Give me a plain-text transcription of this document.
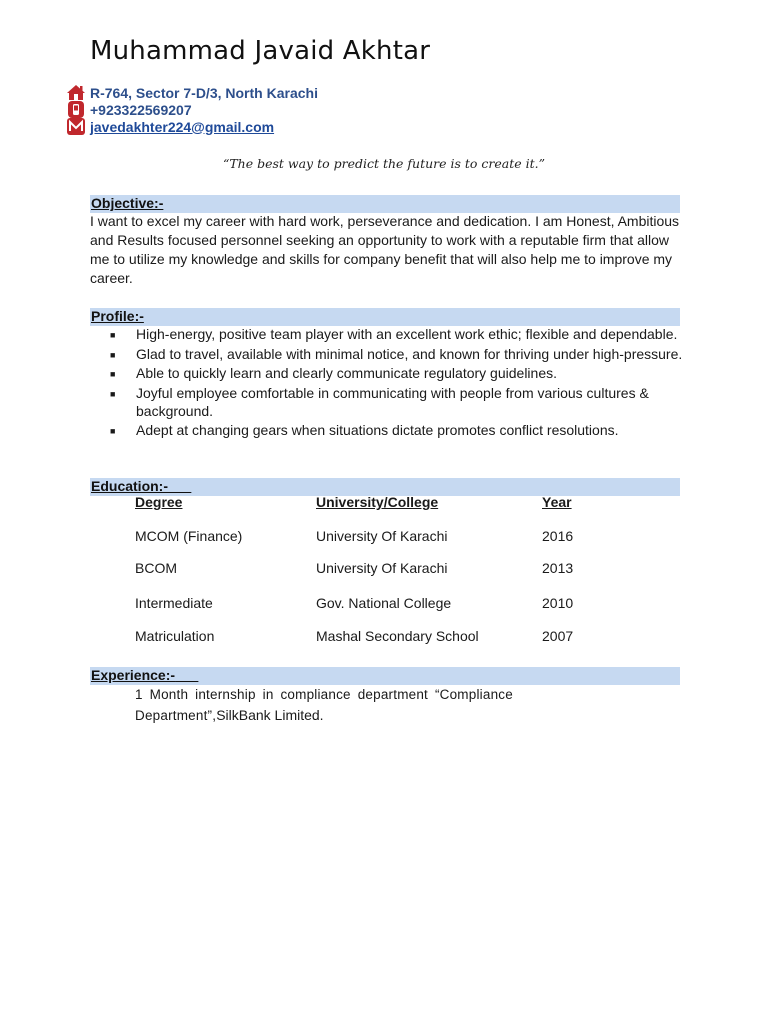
Muhammad Javaid Akhtar
R-764, Sector 7-D/3, North Karachi
+923322569207
javedakhter224@gmail.com
“The best way to predict the future is to create it.”
Objective:-
I want to excel my career with hard work, perseverance and dedication. I am Honest, Ambitious and Results focused personnel seeking an opportunity to work with a reputable firm that allow me to utilize my knowledge and skills for company benefit that will also help me to improve my career.
Profile:-
■	High-energy, positive team player with an excellent work ethic; flexible and dependable.
■	Glad to travel, available with minimal notice, and known for thriving under high-pressure.
■	Able to quickly learn and clearly communicate regulatory guidelines.
■	Joyful employee comfortable in communicating with people from various cultures & background.
■	Adept at changing gears when situations dictate promotes conflict resolutions.
Education:-
Degree	University/College	Year
MCOM (Finance)	University Of Karachi	2016
BCOM	University Of Karachi	2013
Intermediate	Gov. National College	2010
Matriculation	Mashal Secondary School	2007
Experience:-
1 Month internship in compliance department “Compliance Department”,SilkBank Limited.
